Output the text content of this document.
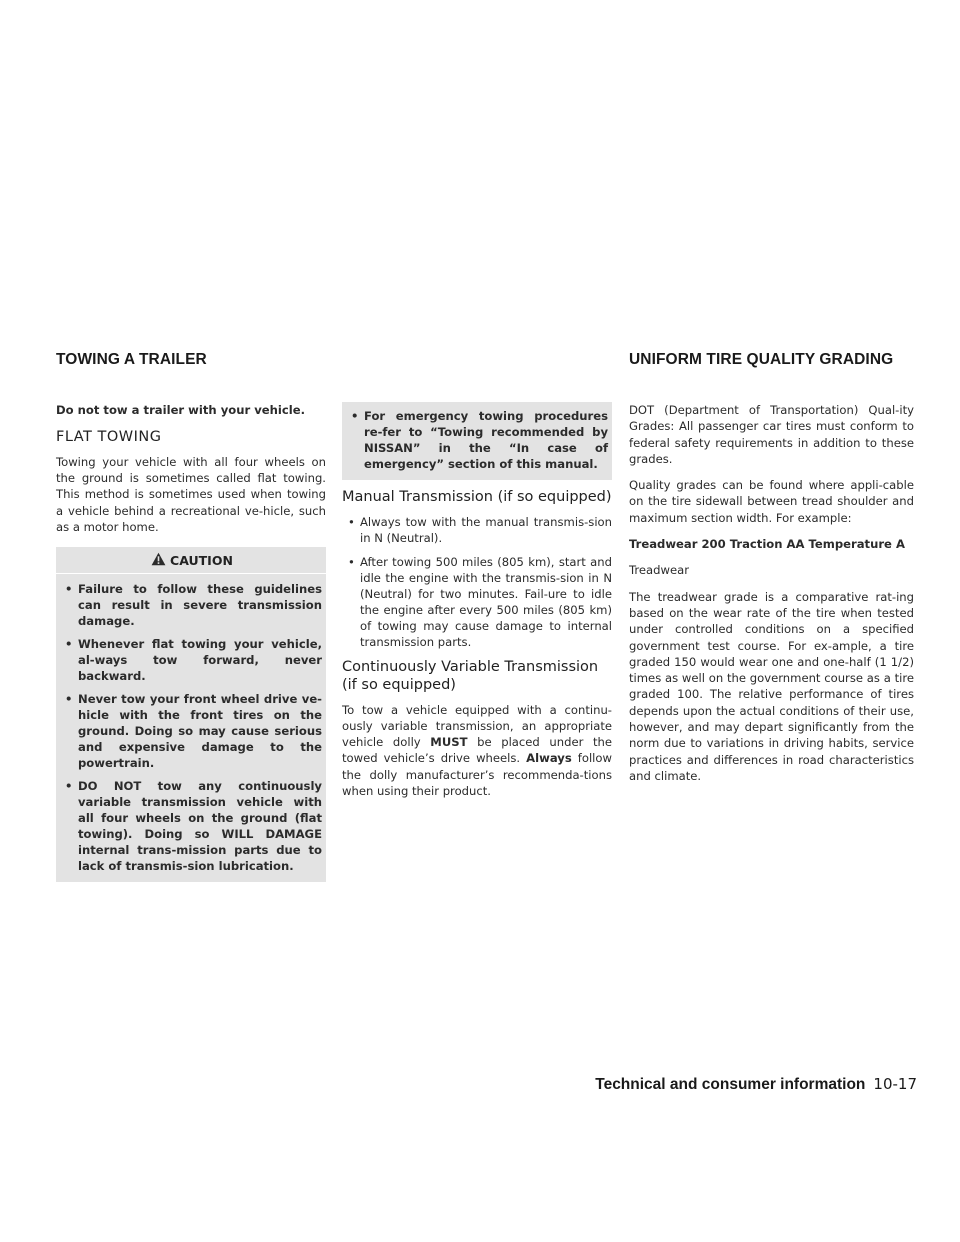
TOWING A TRAILER	UNIFORM TIRE QUALITY GRADING

Do not tow a trailer with your vehicle.

FLAT TOWING

Towing your vehicle with all four wheels on the ground is sometimes called flat towing. This method is sometimes used when towing a vehicle behind a recreational ve-hicle, such as a motor home.

CAUTION
• Failure to follow these guidelines can result in severe transmission damage.
• Whenever flat towing your vehicle, al-ways tow forward, never backward.
• Never tow your front wheel drive ve-hicle with the front tires on the ground. Doing so may cause serious and expensive damage to the powertrain.
• DO NOT tow any continuously variable transmission vehicle with all four wheels on the ground (flat towing). Doing so WILL DAMAGE internal trans-mission parts due to lack of transmis-sion lubrication.
• For emergency towing procedures re-fer to “Towing recommended by NISSAN” in the “In case of emergency” section of this manual.
Manual Transmission (if so equipped)
• Always tow with the manual transmis-sion in N (Neutral).
• After towing 500 miles (805 km), start and idle the engine with the transmis-sion in N (Neutral) for two minutes. Fail-ure to idle the engine after every 500 miles (805 km) of towing may cause damage to internal transmission parts.
Continuously Variable Transmission (if so equipped)

To tow a vehicle equipped with a continu-ously variable transmission, an appropriate vehicle dolly MUST be placed under the towed vehicle’s drive wheels. Always follow the dolly manufacturer’s recommenda-tions when using their product.

DOT (Department of Transportation) Qual-ity Grades: All passenger car tires must conform to federal safety requirements in addition to these grades.

Quality grades can be found where appli-cable on the tire sidewall between tread shoulder and maximum section width. For example:

Treadwear 200 Traction AA Temperature A

Treadwear

The treadwear grade is a comparative rat-ing based on the wear rate of the tire when tested under controlled conditions on a specified government test course. For ex-ample, a tire graded 150 would wear one and one-half (1 1/2) times as well on the government course as a tire graded 100. The relative performance of tires depends upon the actual conditions of their use, however, and may depart significantly from the norm due to variations in driving habits, service practices and differences in road characteristics and climate.

Technical and consumer information 10-17
